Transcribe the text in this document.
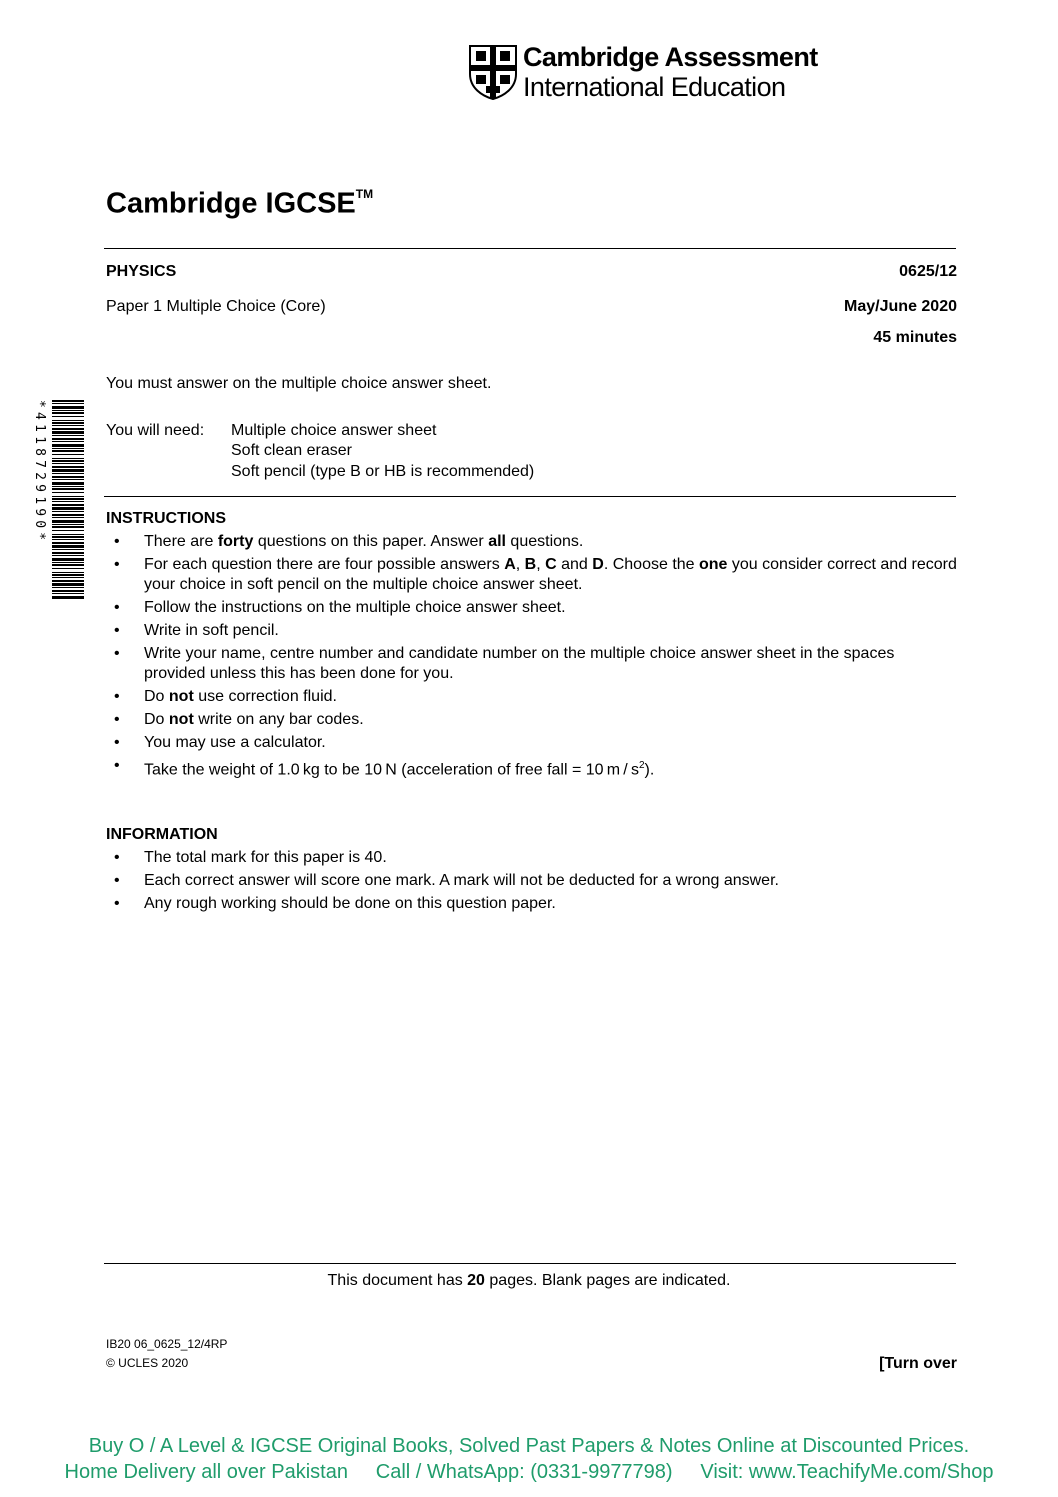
Cambridge Assessment
International Education
Cambridge IGCSE™
PHYSICS	0625/12
Paper 1 Multiple Choice (Core)	May/June 2020
45 minutes
You must answer on the multiple choice answer sheet.
*4118729190*	You will need: Multiple choice answer sheet
Soft clean eraser
Soft pencil (type B or HB is recommended)
INSTRUCTIONS
• There are forty questions on this paper. Answer all questions.
• For each question there are four possible answers A, B, C and D. Choose the one you consider correct and record your choice in soft pencil on the multiple choice answer sheet.
• Follow the instructions on the multiple choice answer sheet.
• Write in soft pencil.
• Write your name, centre number and candidate number on the multiple choice answer sheet in the spaces provided unless this has been done for you.
• Do not use correction fluid.
• Do not write on any bar codes.
• You may use a calculator.
• Take the weight of 1.0 kg to be 10 N (acceleration of free fall = 10 m / $s^2$).
INFORMATION
• The total mark for this paper is 40.
• Each correct answer will score one mark. A mark will not be deducted for a wrong answer.
• Any rough working should be done on this question paper.
This document has 20 pages. Blank pages are indicated.
IB20 06_0625_12/4RP
© UCLES 2020	[Turn over
Buy O / A Level & IGCSE Original Books, Solved Past Papers & Notes Online at Discounted Prices.
Home Delivery all over Pakistan     Call / WhatsApp: (0331-9977798)     Visit: www.TeachifyMe.com/Shop
